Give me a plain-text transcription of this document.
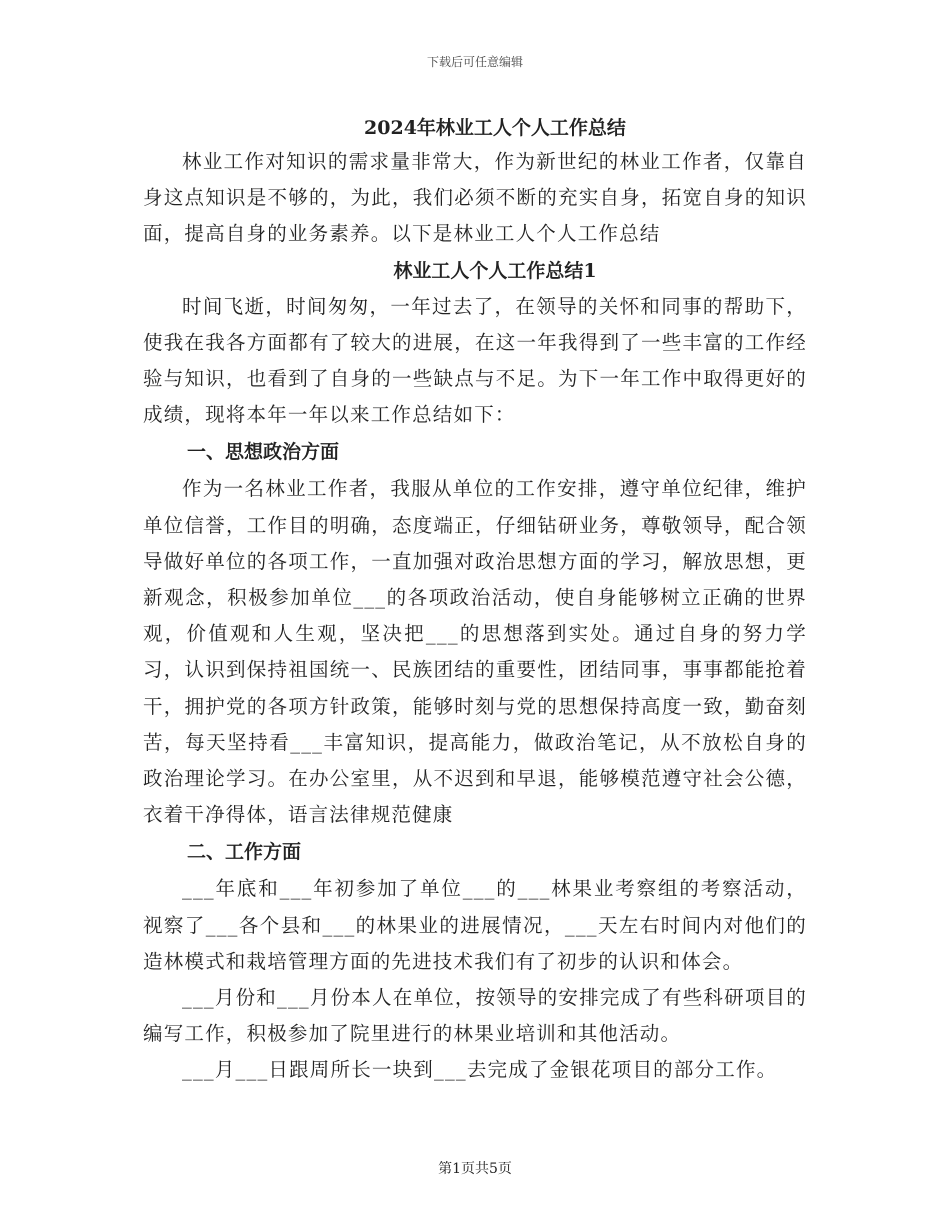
下载后可任意编辑
2024年林业工人个人工作总结

林业工作对知识的需求量非常大，作为新世纪的林业工作者，仅靠自身这点知识是不够的，为此，我们必须不断的充实自身，拓宽自身的知识面，提高自身的业务素养。以下是林业工人个人工作总结

林业工人个人工作总结1

时间飞逝，时间匆匆，一年过去了，在领导的关怀和同事的帮助下，使我在我各方面都有了较大的进展，在这一年我得到了一些丰富的工作经验与知识，也看到了自身的一些缺点与不足。为下一年工作中取得更好的成绩，现将本年一年以来工作总结如下：

一、思想政治方面

作为一名林业工作者，我服从单位的工作安排，遵守单位纪律，维护单位信誉，工作目的明确，态度端正，仔细钻研业务，尊敬领导，配合领导做好单位的各项工作，一直加强对政治思想方面的学习，解放思想，更新观念，积极参加单位___的各项政治活动，使自身能够树立正确的世界观，价值观和人生观，坚决把___的思想落到实处。通过自身的努力学习，认识到保持祖国统一、民族团结的重要性，团结同事，事事都能抢着干，拥护党的各项方针政策，能够时刻与党的思想保持高度一致，勤奋刻苦，每天坚持看___丰富知识，提高能力，做政治笔记，从不放松自身的政治理论学习。在办公室里，从不迟到和早退，能够模范遵守社会公德，衣着干净得体，语言法律规范健康

二、工作方面

___年底和___年初参加了单位___的___林果业考察组的考察活动，视察了___各个县和___的林果业的进展情况，___天左右时间内对他们的造林模式和栽培管理方面的先进技术我们有了初步的认识和体会。

___月份和___月份本人在单位，按领导的安排完成了有些科研项目的编写工作，积极参加了院里进行的林果业培训和其他活动。

___月___日跟周所长一块到___去完成了金银花项目的部分工作。

第1页共5页
